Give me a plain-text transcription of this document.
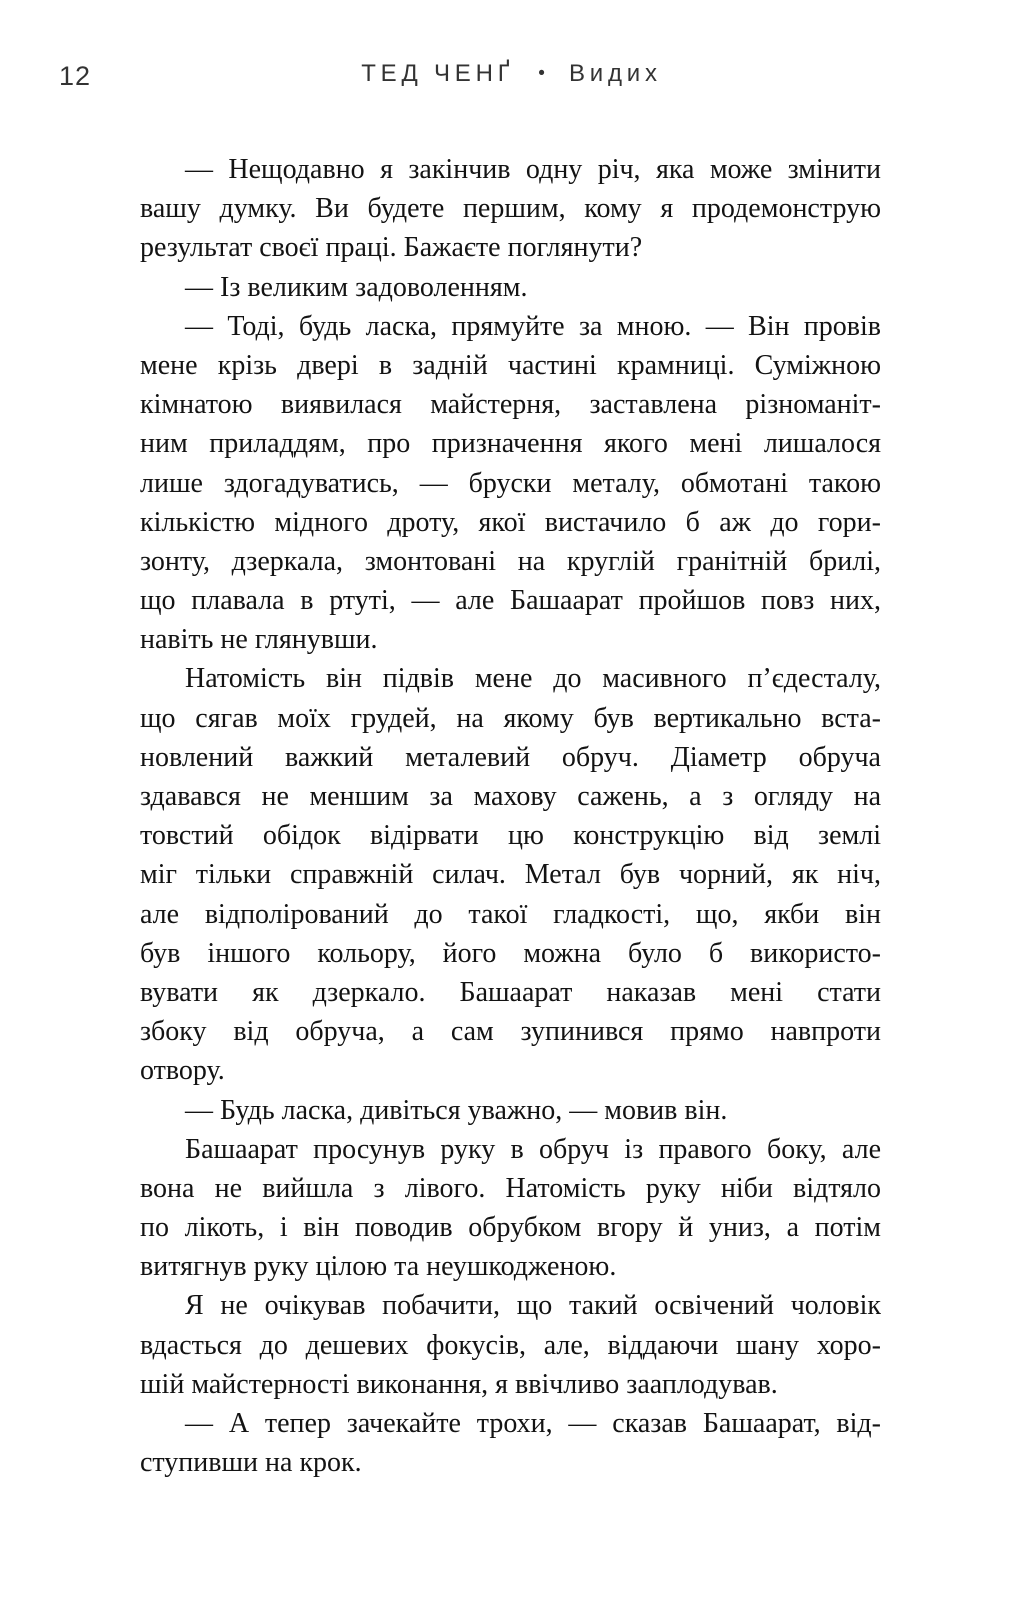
12	ТЕД ЧЕНҐ • Видих
— Нещодавно я закінчив одну річ, яка може змінити
вашу думку. Ви будете першим, кому я продемонструю
результат своєї праці. Бажаєте поглянути?
— Із великим задоволенням.
— Тоді, будь ласка, прямуйте за мною. — Він провів
мене крізь двері в задній частині крамниці. Суміжною
кімнатою виявилася майстерня, заставлена різноманіт-
ним приладдям, про призначення якого мені лишалося
лише здогадуватись, — бруски металу, обмотані такою
кількістю мідного дроту, якої вистачило б аж до гори-
зонту, дзеркала, змонтовані на круглій гранітній брилі,
що плавала в ртуті, — але Башаарат пройшов повз них,
навіть не глянувши.
Натомість він підвів мене до масивного п’єдесталу,
що сягав моїх грудей, на якому був вертикально вста-
новлений важкий металевий обруч. Діаметр обруча
здавався не меншим за махову сажень, а з огляду на
товстий обідок відірвати цю конструкцію від землі
міг тільки справжній силач. Метал був чорний, як ніч,
але відполірований до такої гладкості, що, якби він
був іншого кольору, його можна було б використо-
вувати як дзеркало. Башаарат наказав мені стати
збоку від обруча, а сам зупинився прямо навпроти
отвору.
— Будь ласка, дивіться уважно, — мовив він.
Башаарат просунув руку в обруч із правого боку, але
вона не вийшла з лівого. Натомість руку ніби відтяло
по лікоть, і він поводив обрубком вгору й униз, а потім
витягнув руку цілою та неушкодженою.
Я не очікував побачити, що такий освічений чоловік
вдасться до дешевих фокусів, але, віддаючи шану хоро-
шій майстерності виконання, я ввічливо зааплодував.
— А тепер зачекайте трохи, — сказав Башаарат, від-
ступивши на крок.
